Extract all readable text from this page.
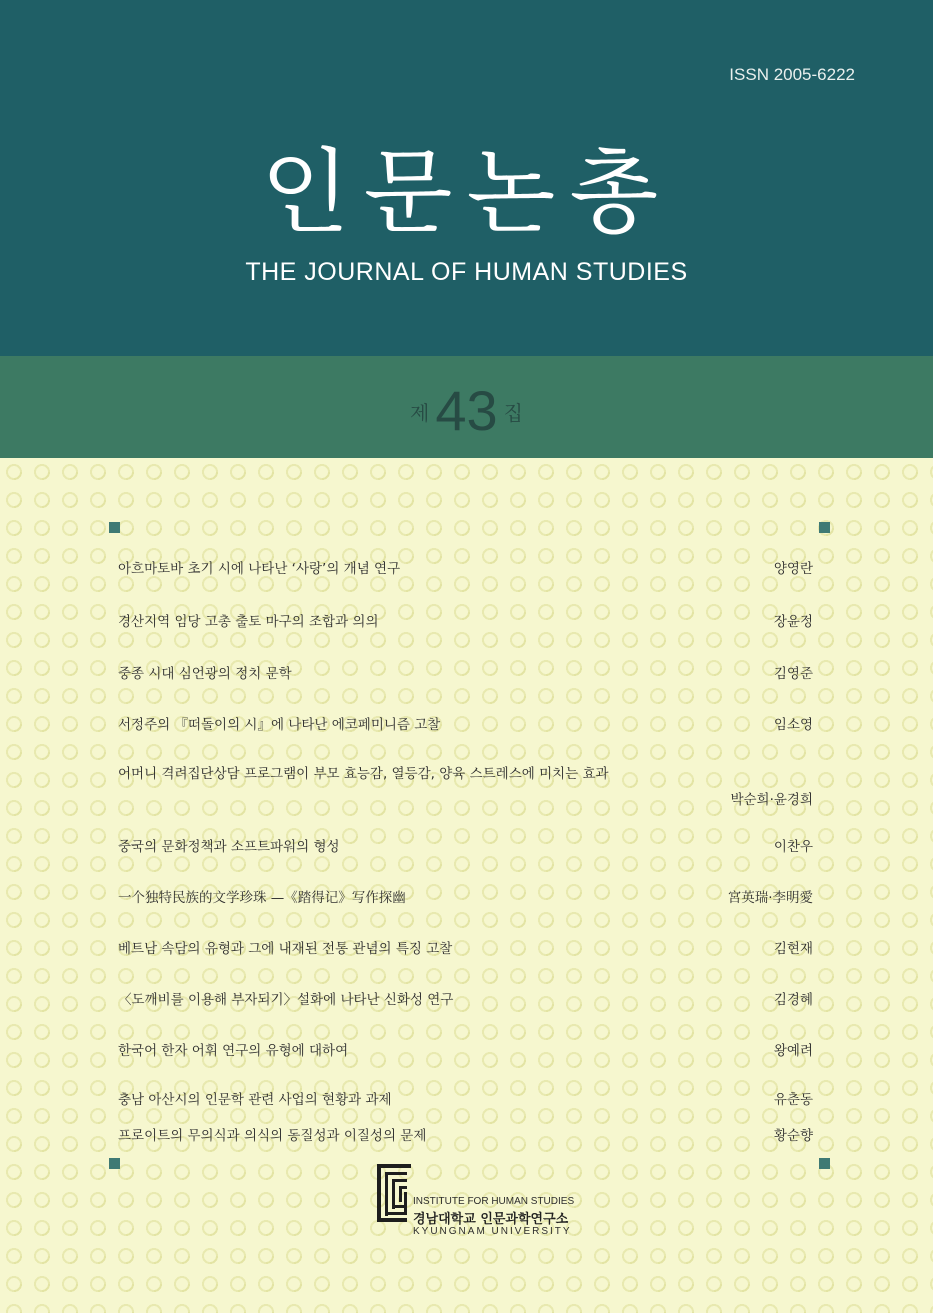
ISSN 2005-6222
인문논총
THE JOURNAL OF HUMAN STUDIES
제 43 집
아흐마토바 초기 시에 나타난 ‘사랑’의 개념 연구	양영란
경산지역 임당 고총 출토 마구의 조합과 의의	장윤정
중종 시대 심언광의 정치 문학	김영준
서정주의 『떠돌이의 시』에 나타난 에코페미니즘 고찰	임소영
어머니 격려집단상담 프로그램이 부모 효능감, 열등감, 양육 스트레스에 미치는 효과
박순희·윤경희
중국의 문화정책과 소프트파워의 형성	이찬우
一个独特民族的文学珍珠 —《踏得记》写作探幽	宮英瑞·李明愛
베트남 속담의 유형과 그에 내재된 전통 관념의 특징 고찰	김현재
〈도깨비를 이용해 부자되기〉설화에 나타난 신화성 연구	김경혜
한국어 한자 어휘 연구의 유형에 대하여	왕예려
충남 아산시의 인문학 관련 사업의 현황과 과제	유춘동
프로이트의 무의식과 의식의 동질성과 이질성의 문제	황순향
INSTITUTE FOR HUMAN STUDIES
경남대학교 인문과학연구소
KYUNGNAM UNIVERSITY
